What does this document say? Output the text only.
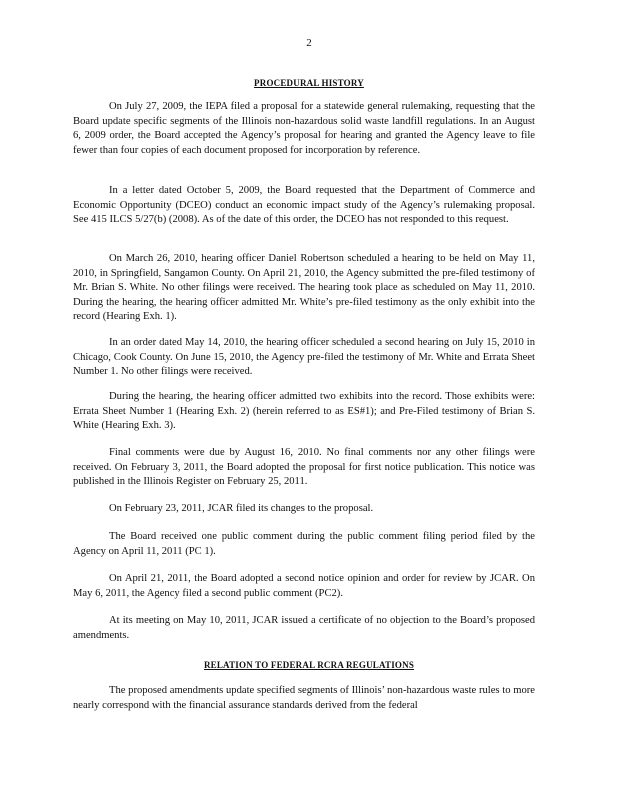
2
PROCEDURAL HISTORY

On July 27, 2009, the IEPA filed a proposal for a statewide general rulemaking, requesting that the Board update specific segments of the Illinois non-hazardous solid waste landfill regulations. In an August 6, 2009 order, the Board accepted the Agency’s proposal for hearing and granted the Agency leave to file fewer than four copies of each document proposed for incorporation by reference.

In a letter dated October 5, 2009, the Board requested that the Department of Commerce and Economic Opportunity (DCEO) conduct an economic impact study of the Agency’s rulemaking proposal. See 415 ILCS 5/27(b) (2008). As of the date of this order, the DCEO has not responded to this request.

On March 26, 2010, hearing officer Daniel Robertson scheduled a hearing to be held on May 11, 2010, in Springfield, Sangamon County. On April 21, 2010, the Agency submitted the pre-filed testimony of Mr. Brian S. White. No other filings were received. The hearing took place as scheduled on May 11, 2010. During the hearing, the hearing officer admitted Mr. White’s pre-filed testimony as the only exhibit into the record (Hearing Exh. 1).

In an order dated May 14, 2010, the hearing officer scheduled a second hearing on July 15, 2010 in Chicago, Cook County. On June 15, 2010, the Agency pre-filed the testimony of Mr. White and Errata Sheet Number 1. No other filings were received.

During the hearing, the hearing officer admitted two exhibits into the record. Those exhibits were: Errata Sheet Number 1 (Hearing Exh. 2) (herein referred to as ES#1); and Pre-Filed testimony of Brian S. White (Hearing Exh. 3).

Final comments were due by August 16, 2010. No final comments nor any other filings were received. On February 3, 2011, the Board adopted the proposal for first notice publication. This notice was published in the Illinois Register on February 25, 2011.

On February 23, 2011, JCAR filed its changes to the proposal.

The Board received one public comment during the public comment filing period filed by the Agency on April 11, 2011 (PC 1).

On April 21, 2011, the Board adopted a second notice opinion and order for review by JCAR. On May 6, 2011, the Agency filed a second public comment (PC2).

At its meeting on May 10, 2011, JCAR issued a certificate of no objection to the Board’s proposed amendments.

RELATION TO FEDERAL RCRA REGULATIONS

The proposed amendments update specified segments of Illinois’ non-hazardous waste rules to more nearly correspond with the financial assurance standards derived from the federal
